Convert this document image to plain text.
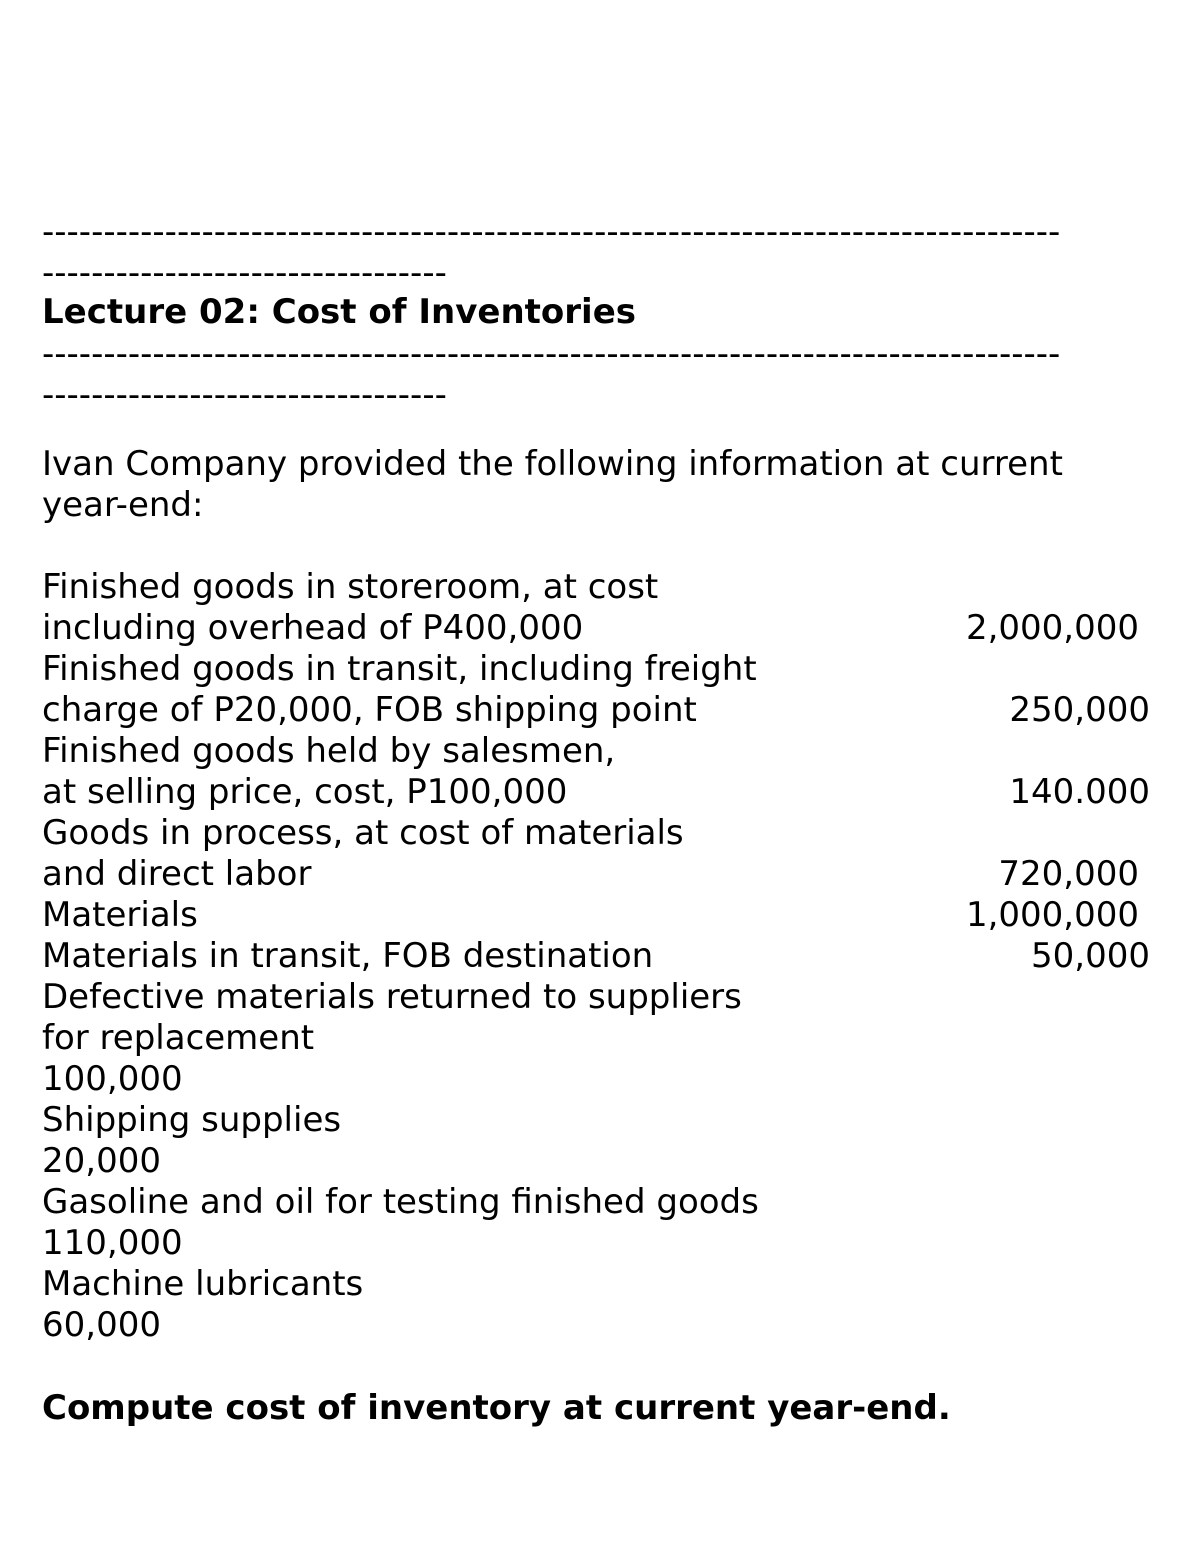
-----------------------------------------------------------------------------------
---------------------------------
Lecture 02: Cost of Inventories
-----------------------------------------------------------------------------------
---------------------------------
Ivan Company provided the following information at current
year-end:
Finished goods in storeroom, at cost
including overhead of P400,000	2,000,000
Finished goods in transit, including freight
charge of P20,000, FOB shipping point	250,000
Finished goods held by salesmen,
at selling price, cost, P100,000	140.000
Goods in process, at cost of materials
and direct labor	720,000
Materials	1,000,000
Materials in transit, FOB destination	50,000
Defective materials returned to suppliers
for replacement
100,000
Shipping supplies
20,000
Gasoline and oil for testing finished goods
110,000
Machine lubricants
60,000
Compute cost of inventory at current year-end.
